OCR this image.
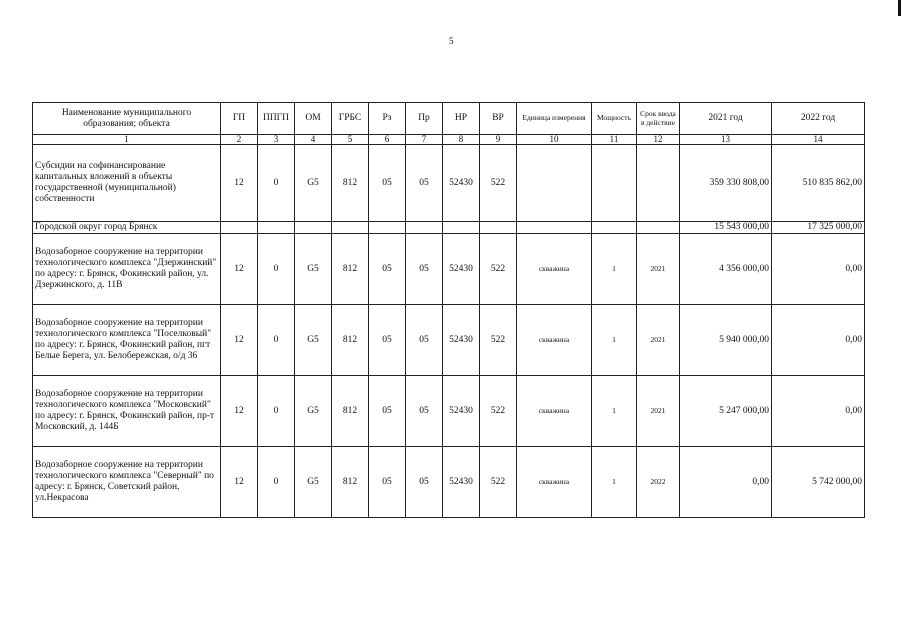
5
Наименование муниципального образования; объекта	ГП	ППГП	ОМ	ГРБС	Рз	Пр	НР	ВР	Единица измерения	Мощность	Срок ввода в действие	2021 год	2022 год
1	2	3	4	5	6	7	8	9	10	11	12	13	14
Субсидии на софинансирование капитальных вложений в объекты государственной (муниципальной) собственности	12	0	G5	812	05	05	52430	522				359 330 808,00	510 835 862,00
Городской округ город Брянск												15 543 000,00	17 325 000,00
Водозаборное сооружение на территории технологического комплекса "Дзержинский" по адресу: г. Брянск, Фокинский район, ул. Дзержинского, д. 11В	12	0	G5	812	05	05	52430	522	скважина	1	2021	4 356 000,00	0,00
Водозаборное сооружение на территории технологического комплекса "Поселковый" по адресу: г. Брянск, Фокинский район, пгт Белые Берега, ул. Белобережская, о/д 36	12	0	G5	812	05	05	52430	522	скважина	1	2021	5 940 000,00	0,00
Водозаборное сооружение на территории технологического комплекса "Московский" по адресу: г. Брянск, Фокинский район, пр-т Московский, д. 144Б	12	0	G5	812	05	05	52430	522	скважина	1	2021	5 247 000,00	0,00
Водозаборное сооружение на территории технологического комплекса "Северный" по адресу: г. Брянск, Советский район, ул.Некрасова	12	0	G5	812	05	05	52430	522	скважина	1	2022	0,00	5 742 000,00
